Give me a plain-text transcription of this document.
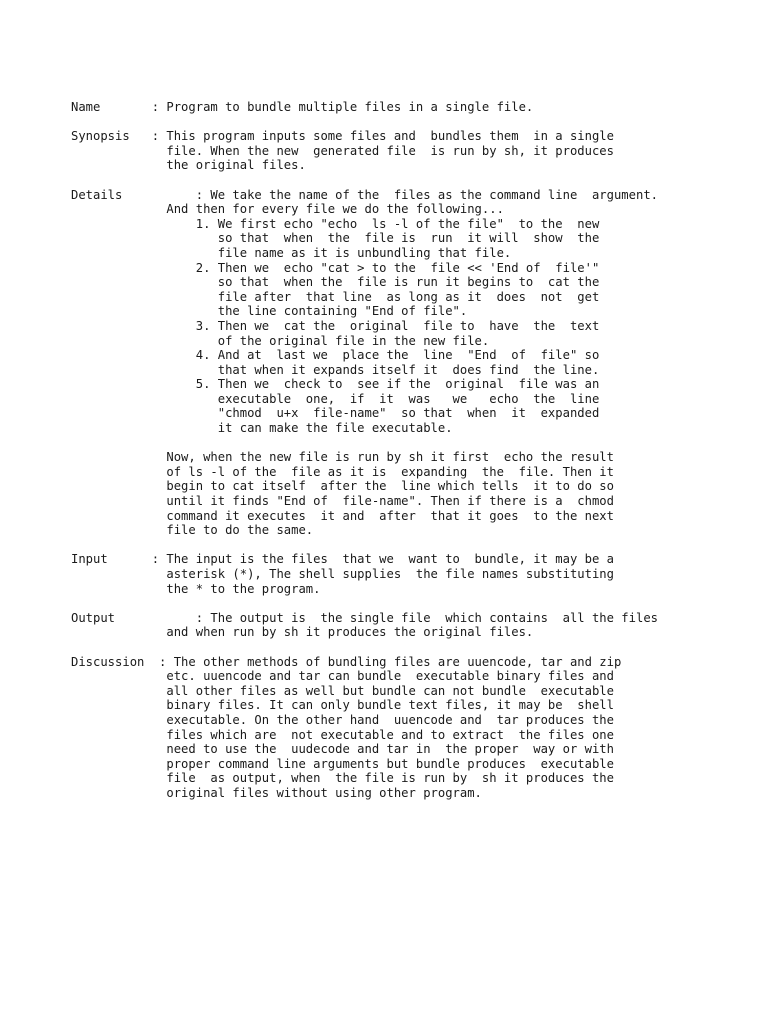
Name       : Program to bundle multiple files in a single file.
Synopsis   : This program inputs some files and  bundles them  in a single
file. When the new  generated file  is run by sh, it produces
the original files.
Details          : We take the name of the  files as the command line  argument.
And then for every file we do the following...
1. We first echo "echo  ls -l of the file"  to the  new
so that  when  the  file is  run  it will  show  the
file name as it is unbundling that file.
2. Then we  echo "cat > to the  file << 'End of  file'"
so that  when the  file is run it begins to  cat the
file after  that line  as long as it  does  not  get
the line containing "End of file".
3. Then we  cat the  original  file to  have  the  text
of the original file in the new file.
4. And at  last we  place the  line  "End  of  file" so
that when it expands itself it  does find  the line.
5. Then we  check to  see if the  original  file was an
executable  one,  if  it  was   we   echo  the  line
"chmod  u+x  file-name"  so that  when  it  expanded
it can make the file executable.
Now, when the new file is run by sh it first  echo the result
of ls -l of the  file as it is  expanding  the  file. Then it
begin to cat itself  after the  line which tells  it to do so
until it finds "End of  file-name". Then if there is a  chmod
command it executes  it and  after  that it goes  to the next
file to do the same.
Input      : The input is the files  that we  want to  bundle, it may be a
asterisk (*), The shell supplies  the file names substituting
the * to the program.
Output           : The output is  the single file  which contains  all the files
and when run by sh it produces the original files.
Discussion  : The other methods of bundling files are uuencode, tar and zip
etc. uuencode and tar can bundle  executable binary files and
all other files as well but bundle can not bundle  executable
binary files. It can only bundle text files, it may be  shell
executable. On the other hand  uuencode and  tar produces the
files which are  not executable and to extract  the files one
need to use the  uudecode and tar in  the proper  way or with
proper command line arguments but bundle produces  executable
file  as output, when  the file is run by  sh it produces the
original files without using other program.
